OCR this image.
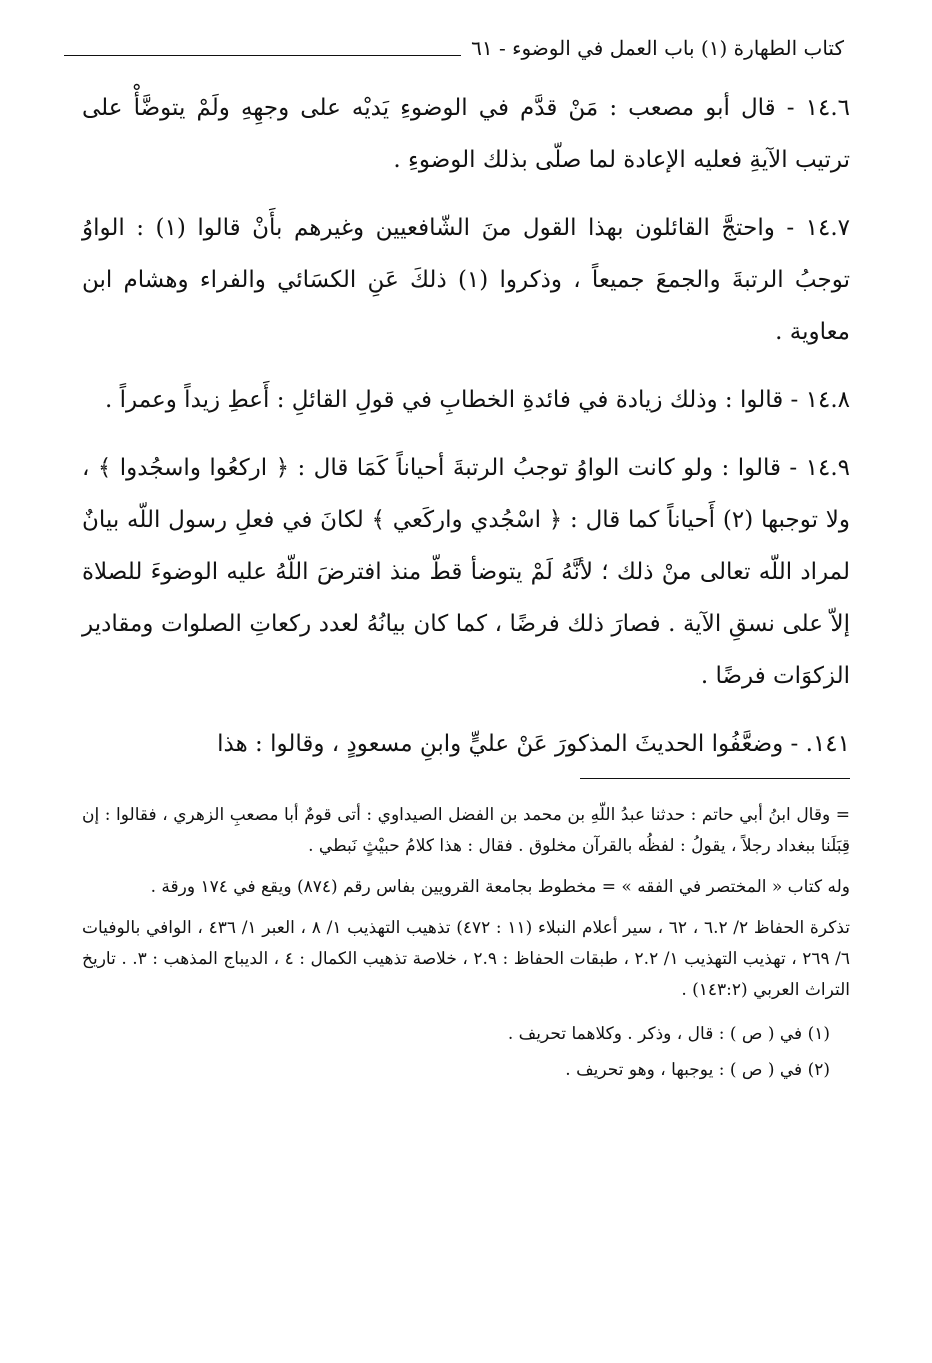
كتاب الطهارة (١) باب العمل في الوضوء - ٦١

١٤.٦ - قال أبو مصعب : مَنْ قدَّم في الوضوءِ يَديْه على وجهِهِ ولَمْ يتوضَّأْ على ترتيب الآيةِ فعليه الإعادة لما صلّى بذلك الوضوءِ .

١٤.٧ - واحتجَّ القائلون بهذا القول منَ الشّافعيين وغيرهم بأَنْ قالوا (١) : الواوُ توجبُ الرتبةَ والجمعَ جميعاً ، وذكروا (١) ذلكَ عَنِ الكسَائي والفراء وهشام ابن معاوية .

١٤.٨ - قالوا : وذلك زيادة في فائدةِ الخطابِ في قولِ القائلِ : أَعطِ زيداً وعمراً .

١٤.٩ - قالوا : ولو كانت الواوُ توجبُ الرتبةَ أحياناً كَمَا قال : ﴿ اركعُوا واسجُدوا ﴾ ، ولا توجبها (٢) أَحياناً كما قال : ﴿ اسْجُدي واركَعي ﴾ لكانَ في فعلِ رسول اللّه بيانٌ لمراد اللّه تعالى منْ ذلك ؛ لأنَّهُ لَمْ يتوضأ قطّ منذ افترضَ اللّهُ عليه الوضوءَ للصلاة إلاّ على نسقِ الآية . فصارَ ذلك فرضًا ، كما كان بيانُهُ لعدد ركعاتِ الصلوات ومقادير الزكوَات فرضًا .

١٤١. - وضعَّفُوا الحديثَ المذكورَ عَنْ عليٍّ وابنِ مسعودٍ ، وقالوا : هذا

= وقال ابنُ أبي حاتم : حدثنا عبدُ اللّهِ بن محمد بن الفضل الصيداوي : أتى قومٌ أبا مصعبِ الزهري ، فقالوا : إن قِبَلَنا ببغداد رجلاً ، يقولُ : لفظُه بالقرآن مخلوق . فقال : هذا كلامُ حبيْثٍ نَبطي .

وله كتاب « المختصر في الفقه » = مخطوط بجامعة القرويين بفاس رقم (٨٧٤) ويقع في ١٧٤ ورقة .

تذكرة الحفاظ ٢/ ٦.٢ ، ٦٢ ، سير أعلام النبلاء (١١ : ٤٧٢) تذهيب التهذيب ١/ ٨ ، العبر ١/ ٤٣٦ ، الوافي بالوفيات ٦/ ٢٦٩ ، تهذيب التهذيب ١/ ٢.٢ ، طبقات الحفاظ : ٢.٩ ، خلاصة تذهيب الكمال : ٤ ، الديباج المذهب : ٣. . تاريخ التراث العربي (١٤٣:٢) .

(١) في ( ص ) : قال ، وذكر . وكلاهما تحريف .

(٢) في ( ص ) : يوجبها ، وهو تحريف .
